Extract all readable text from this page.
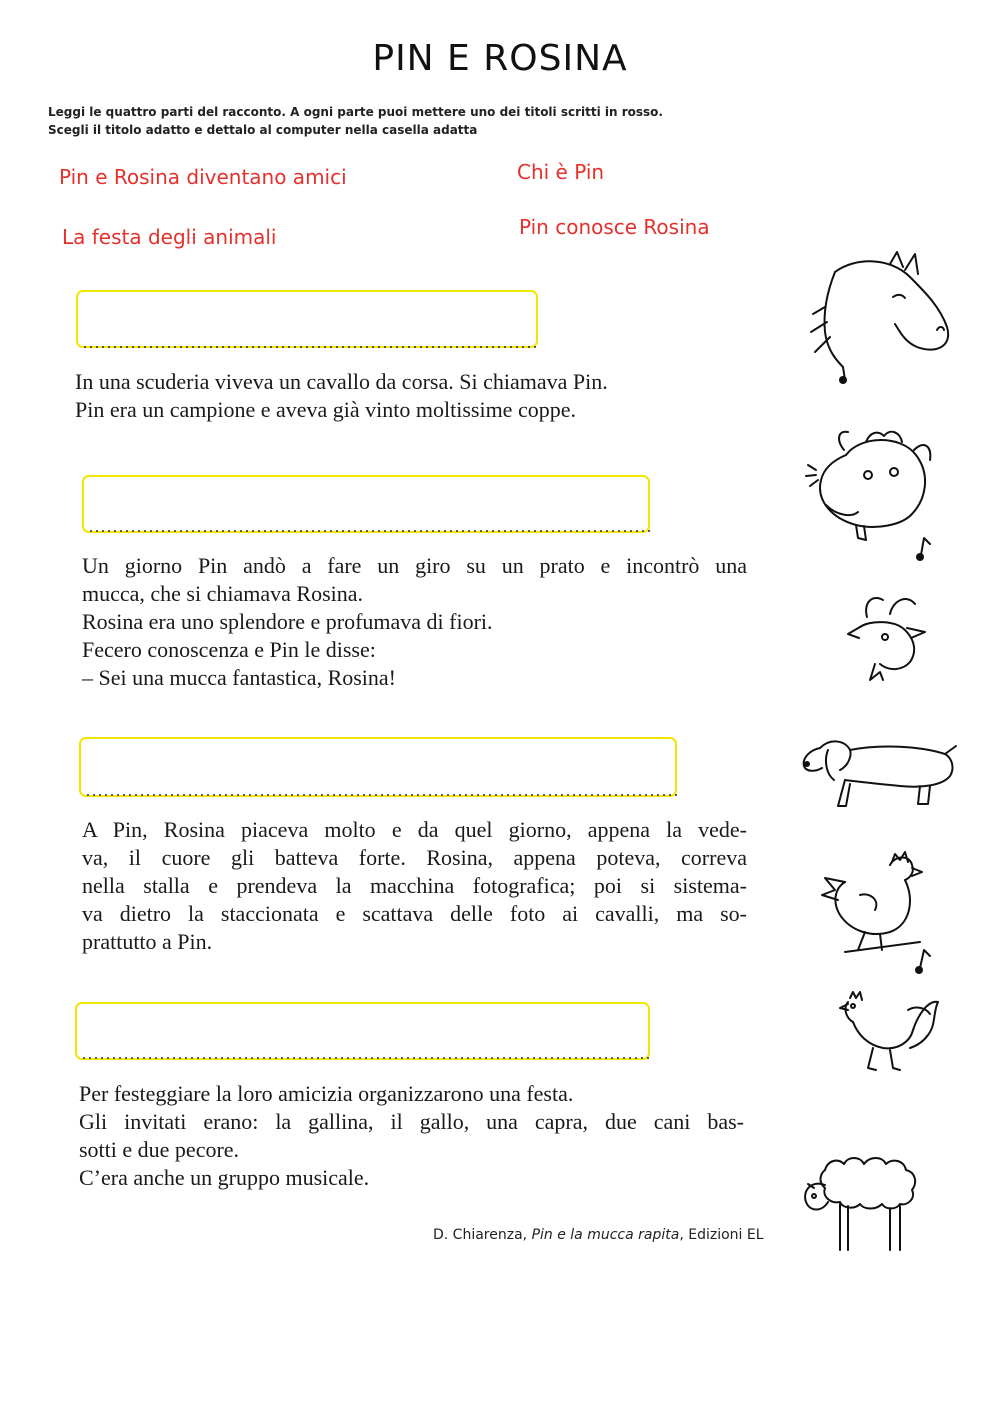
PIN E ROSINA
Leggi le quattro parti del racconto. A ogni parte puoi mettere uno dei titoli scritti in rosso.
Scegli il titolo adatto e dettalo al computer nella casella adatta
Pin e Rosina diventano amici	Chi è Pin
La festa degli animali	Pin conosce Rosina

In una scuderia viveva un cavallo da corsa. Si chiamava Pin.

Pin era un campione e aveva già vinto moltissime coppe.

Un giorno Pin andò a fare un giro su un prato e incontrò una

mucca, che si chiamava Rosina.

Rosina era uno splendore e profumava di fiori.

Fecero conoscenza e Pin le disse:

– Sei una mucca fantastica, Rosina!

A Pin, Rosina piaceva molto e da quel giorno, appena la vede-

va, il cuore gli batteva forte. Rosina, appena poteva, correva

nella stalla e prendeva la macchina fotografica; poi si sistema-

va dietro la staccionata e scattava delle foto ai cavalli, ma so-

prattutto a Pin.

Per festeggiare la loro amicizia organizzarono una festa.

Gli invitati erano: la gallina, il gallo, una capra, due cani bas-

sotti e due pecore.

C’era anche un gruppo musicale.

D. Chiarenza, Pin e la mucca rapita, Edizioni EL
